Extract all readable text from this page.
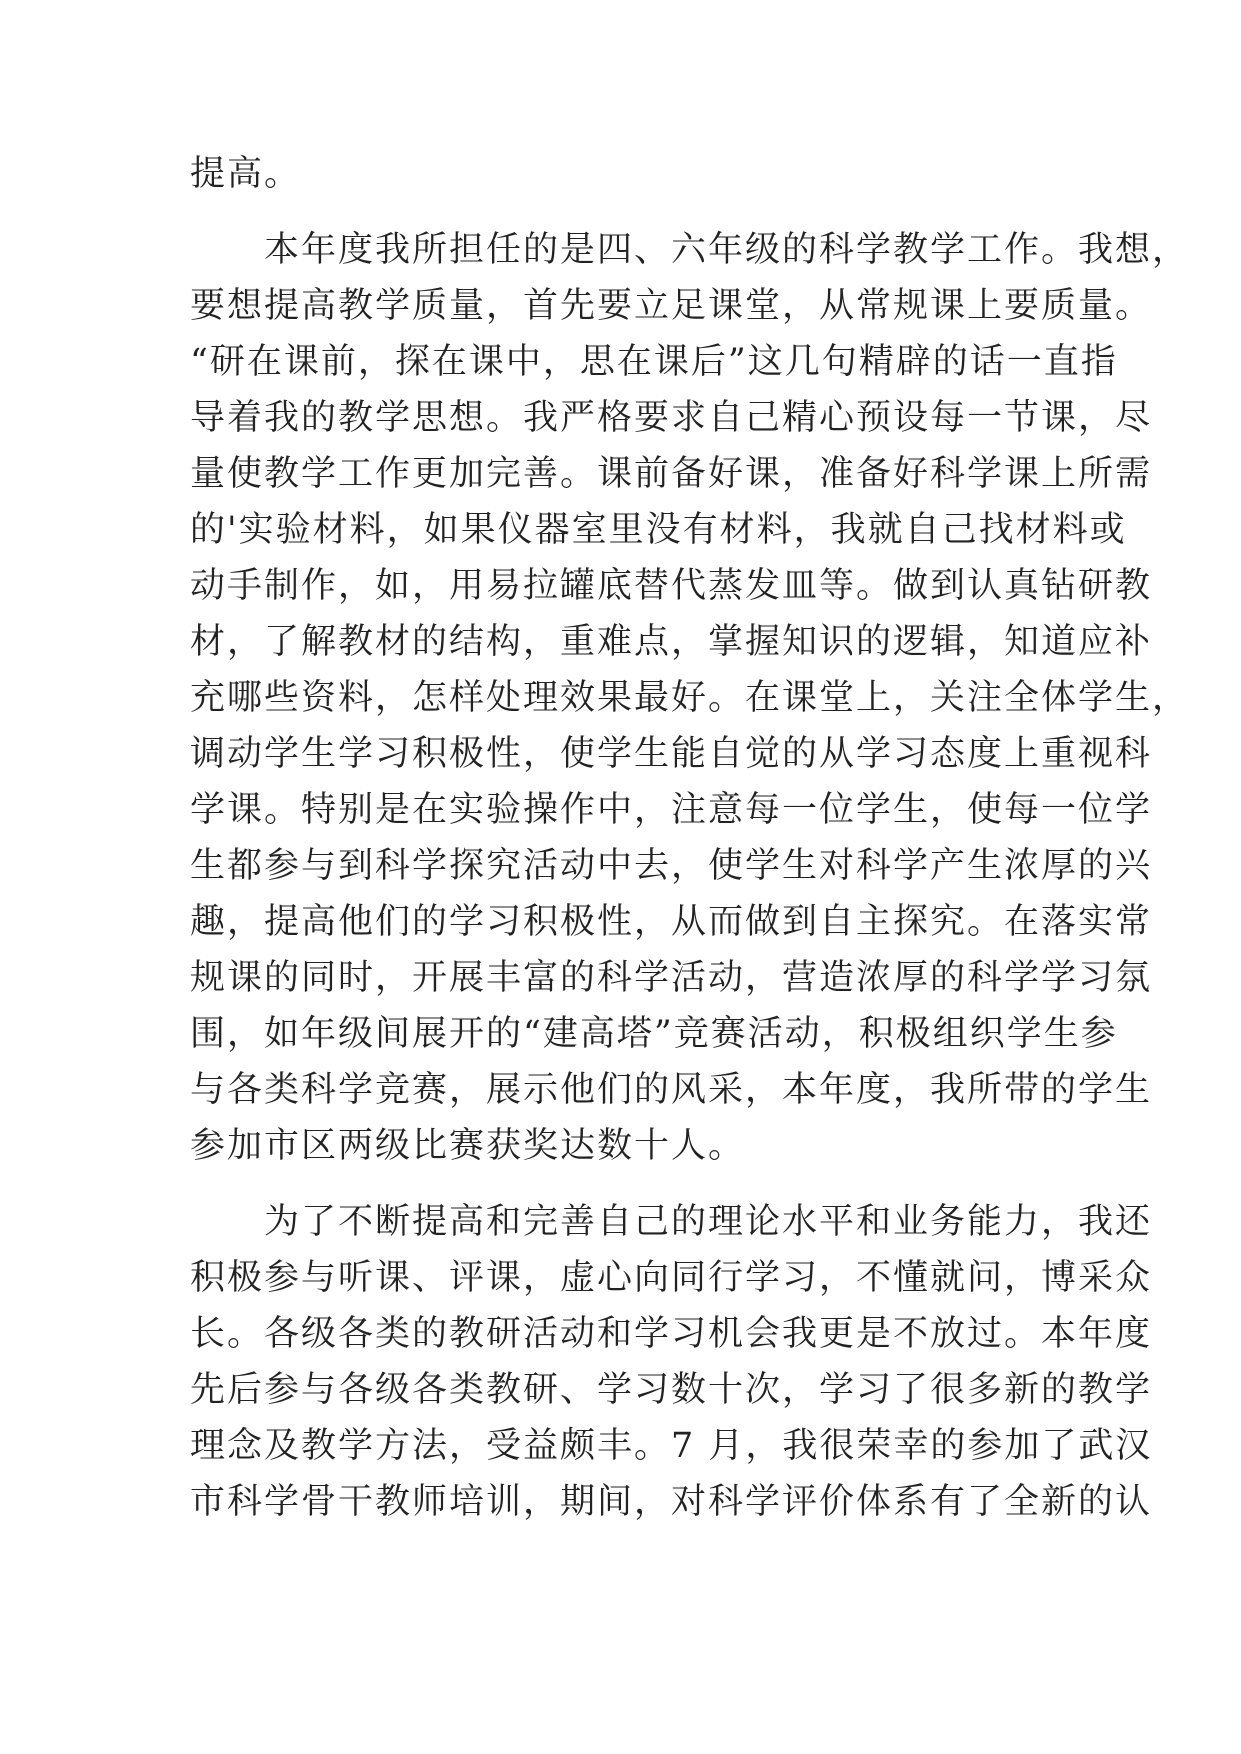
提高。
本年度我所担任的是四、六年级的科学教学工作。我想，
要想提高教学质量，首先要立足课堂，从常规课上要质量。
“研在课前，探在课中，思在课后”这几句精辟的话一直指
导着我的教学思想。我严格要求自己精心预设每一节课，尽
量使教学工作更加完善。课前备好课，准备好科学课上所需
的'实验材料，如果仪器室里没有材料，我就自己找材料或
动手制作，如，用易拉罐底替代蒸发皿等。做到认真钻研教
材，了解教材的结构，重难点，掌握知识的逻辑，知道应补
充哪些资料，怎样处理效果最好。在课堂上，关注全体学生，
调动学生学习积极性，使学生能自觉的从学习态度上重视科
学课。特别是在实验操作中，注意每一位学生，使每一位学
生都参与到科学探究活动中去，使学生对科学产生浓厚的兴
趣，提高他们的学习积极性，从而做到自主探究。在落实常
规课的同时，开展丰富的科学活动，营造浓厚的科学学习氛
围，如年级间展开的“建高塔”竞赛活动，积极组织学生参
与各类科学竞赛，展示他们的风采，本年度，我所带的学生
参加市区两级比赛获奖达数十人。
为了不断提高和完善自己的理论水平和业务能力，我还
积极参与听课、评课，虚心向同行学习，不懂就问，博采众
长。各级各类的教研活动和学习机会我更是不放过。本年度
先后参与各级各类教研、学习数十次，学习了很多新的教学
理念及教学方法，受益颇丰。7 月，我很荣幸的参加了武汉
市科学骨干教师培训，期间，对科学评价体系有了全新的认
